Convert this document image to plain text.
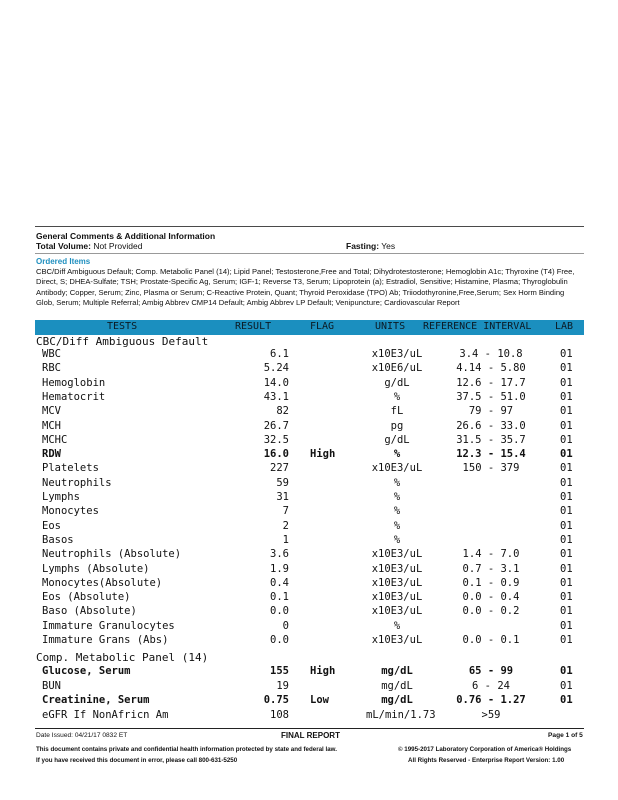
General Comments & Additional Information
Total Volume: Not Provided	Fasting: Yes
Ordered Items
CBC/Diff Ambiguous Default; Comp. Metabolic Panel (14); Lipid Panel; Testosterone,Free and Total; Dihydrotestosterone; Hemoglobin A1c; Thyroxine (T4) Free, Direct, S; DHEA-Sulfate; TSH; Prostate-Specific Ag, Serum; IGF-1; Reverse T3, Serum; Lipoprotein (a); Estradiol, Sensitive; Histamine, Plasma; Thyroglobulin Antibody; Copper, Serum; Zinc, Plasma or Serum; C-Reactive Protein, Quant; Thyroid Peroxidase (TPO) Ab; Triiodothyronine,Free,Serum; Sex Horm Binding Glob, Serum; Multiple Referral; Ambig Abbrev CMP14 Default; Ambig Abbrev LP Default; Venipuncture; Cardiovascular Report
TESTS	RESULT	FLAG	UNITS REFERENCE INTERVAL LAB
CBC/Diff Ambiguous Default
WBC	6.1	x10E3/uL	3.4 - 10.8	01
RBC	5.24	x10E6/uL	4.14 - 5.80	01
Hemoglobin	14.0	g/dL	12.6 - 17.7	01
Hematocrit	43.1	%	37.5 - 51.0	01
MCV	82	fL	79 - 97	01
MCH	26.7	pg	26.6 - 33.0	01
MCHC	32.5	g/dL	31.5 - 35.7	01
RDW	16.0 High	%	12.3 - 15.4	01
Platelets	227	x10E3/uL	150 - 379	01
Neutrophils	59	%	01
Lymphs	31	%	01
Monocytes	7	%	01
Eos	2	%	01
Basos	1	%	01
Neutrophils (Absolute)	3.6	x10E3/uL	1.4 - 7.0	01
Lymphs (Absolute)	1.9	x10E3/uL	0.7 - 3.1	01
Monocytes(Absolute)	0.4	x10E3/uL	0.1 - 0.9	01
Eos (Absolute)	0.1	x10E3/uL	0.0 - 0.4	01
Baso (Absolute)	0.0	x10E3/uL	0.0 - 0.2	01
Immature Granulocytes	0	%	01
Immature Grans (Abs)	0.0	x10E3/uL	0.0 - 0.1	01
Comp. Metabolic Panel (14)
Glucose, Serum	155 High	mg/dL	65 - 99	01
BUN	19	mg/dL	6 - 24	01
Creatinine, Serum	0.75 Low	mg/dL	0.76 - 1.27	01
eGFR If NonAfricn Am	108	mL/min/1.73	>59
Date Issued: 04/21/17 0832 ET	FINAL REPORT	Page 1 of 5
This document contains private and confidential health information protected by state and federal law.
If you have received this document in error, please call 800-631-5250
© 1995-2017 Laboratory Corporation of America® Holdings
All Rights Reserved - Enterprise Report Version: 1.00
